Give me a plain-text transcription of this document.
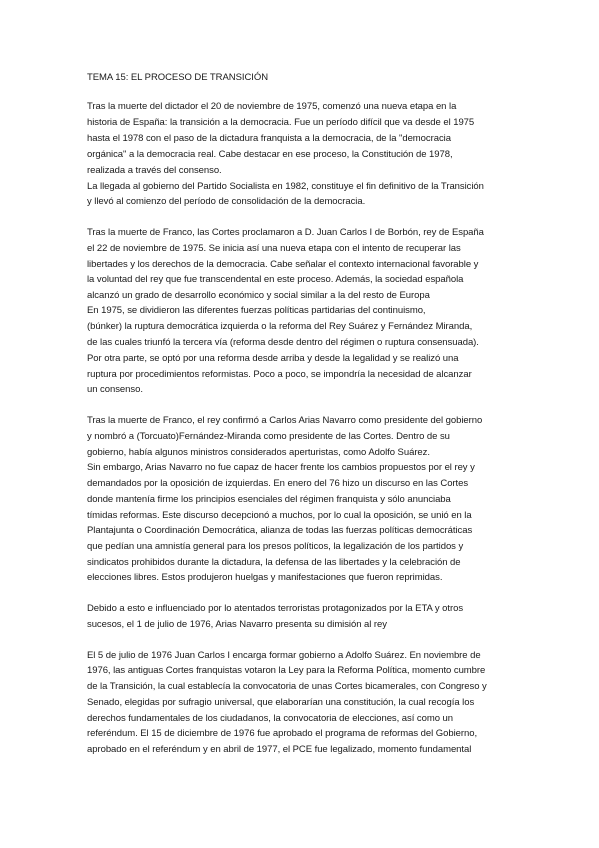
TEMA 15: EL PROCESO DE TRANSICIÓN
Tras la muerte del dictador el 20 de noviembre de 1975, comenzó una nueva etapa en la
historia de España: la transición a la democracia. Fue un período difícil que va desde el 1975
hasta el 1978 con el paso de la dictadura franquista a la democracia, de la "democracia
orgánica" a la democracia real. Cabe destacar en ese proceso, la Constitución de 1978,
realizada a través del consenso.
La llegada al gobierno del Partido Socialista en 1982, constituye el fin definitivo de la Transición
y llevó al comienzo del período de consolidación de la democracia.
Tras la muerte de Franco, las Cortes proclamaron a D. Juan Carlos I de Borbón, rey de España
el 22 de noviembre de 1975. Se inicia así una nueva etapa con el intento de recuperar las
libertades y los derechos de la democracia. Cabe señalar el contexto internacional favorable y
la voluntad del rey que fue transcendental en este proceso. Además, la sociedad española
alcanzó un grado de desarrollo económico y social similar a la del resto de Europa
En 1975, se dividieron las diferentes fuerzas políticas partidarias del continuismo,
(búnker) la ruptura democrática izquierda o la reforma del Rey Suárez y Fernández Miranda,
de las cuales triunfó la tercera vía (reforma desde dentro del régimen o ruptura consensuada).
Por otra parte, se optó por una reforma desde arriba y desde la legalidad y se realizó una
ruptura por procedimientos reformistas. Poco a poco, se impondría la necesidad de alcanzar
un consenso.
Tras la muerte de Franco, el rey confirmó a Carlos Arias Navarro como presidente del gobierno
y nombró a (Torcuato)Fernández-Miranda como presidente de las Cortes. Dentro de su
gobierno, había algunos ministros considerados aperturistas, como Adolfo Suárez.
Sin embargo, Arias Navarro no fue capaz de hacer frente los cambios propuestos por el rey y
demandados por la oposición de izquierdas. En enero del 76 hizo un discurso en las Cortes
donde mantenía firme los principios esenciales del régimen franquista y sólo anunciaba
tímidas reformas. Este discurso decepcionó a muchos, por lo cual la oposición, se unió en la
Plantajunta o Coordinación Democrática, alianza de todas las fuerzas políticas democráticas
que pedían una amnistía general para los presos políticos, la legalización de los partidos y
sindicatos prohibidos durante la dictadura, la defensa de las libertades y la celebración de
elecciones libres. Estos produjeron huelgas y manifestaciones que fueron reprimidas.
Debido a esto e influenciado por lo atentados terroristas protagonizados por la ETA y otros
sucesos, el 1 de julio de 1976, Arias Navarro presenta su dimisión al rey
El 5 de julio de 1976 Juan Carlos I encarga formar gobierno a Adolfo Suárez. En noviembre de
1976, las antiguas Cortes franquistas votaron la Ley para la Reforma Política, momento cumbre
de la Transición, la cual establecía la convocatoria de unas Cortes bicamerales, con Congreso y
Senado, elegidas por sufragio universal, que elaborarían una constitución, la cual recogía los
derechos fundamentales de los ciudadanos, la convocatoria de elecciones, así como un
referéndum. El 15 de diciembre de 1976 fue aprobado el programa de reformas del Gobierno,
aprobado en el referéndum y en abril de 1977, el PCE fue legalizado, momento fundamental
